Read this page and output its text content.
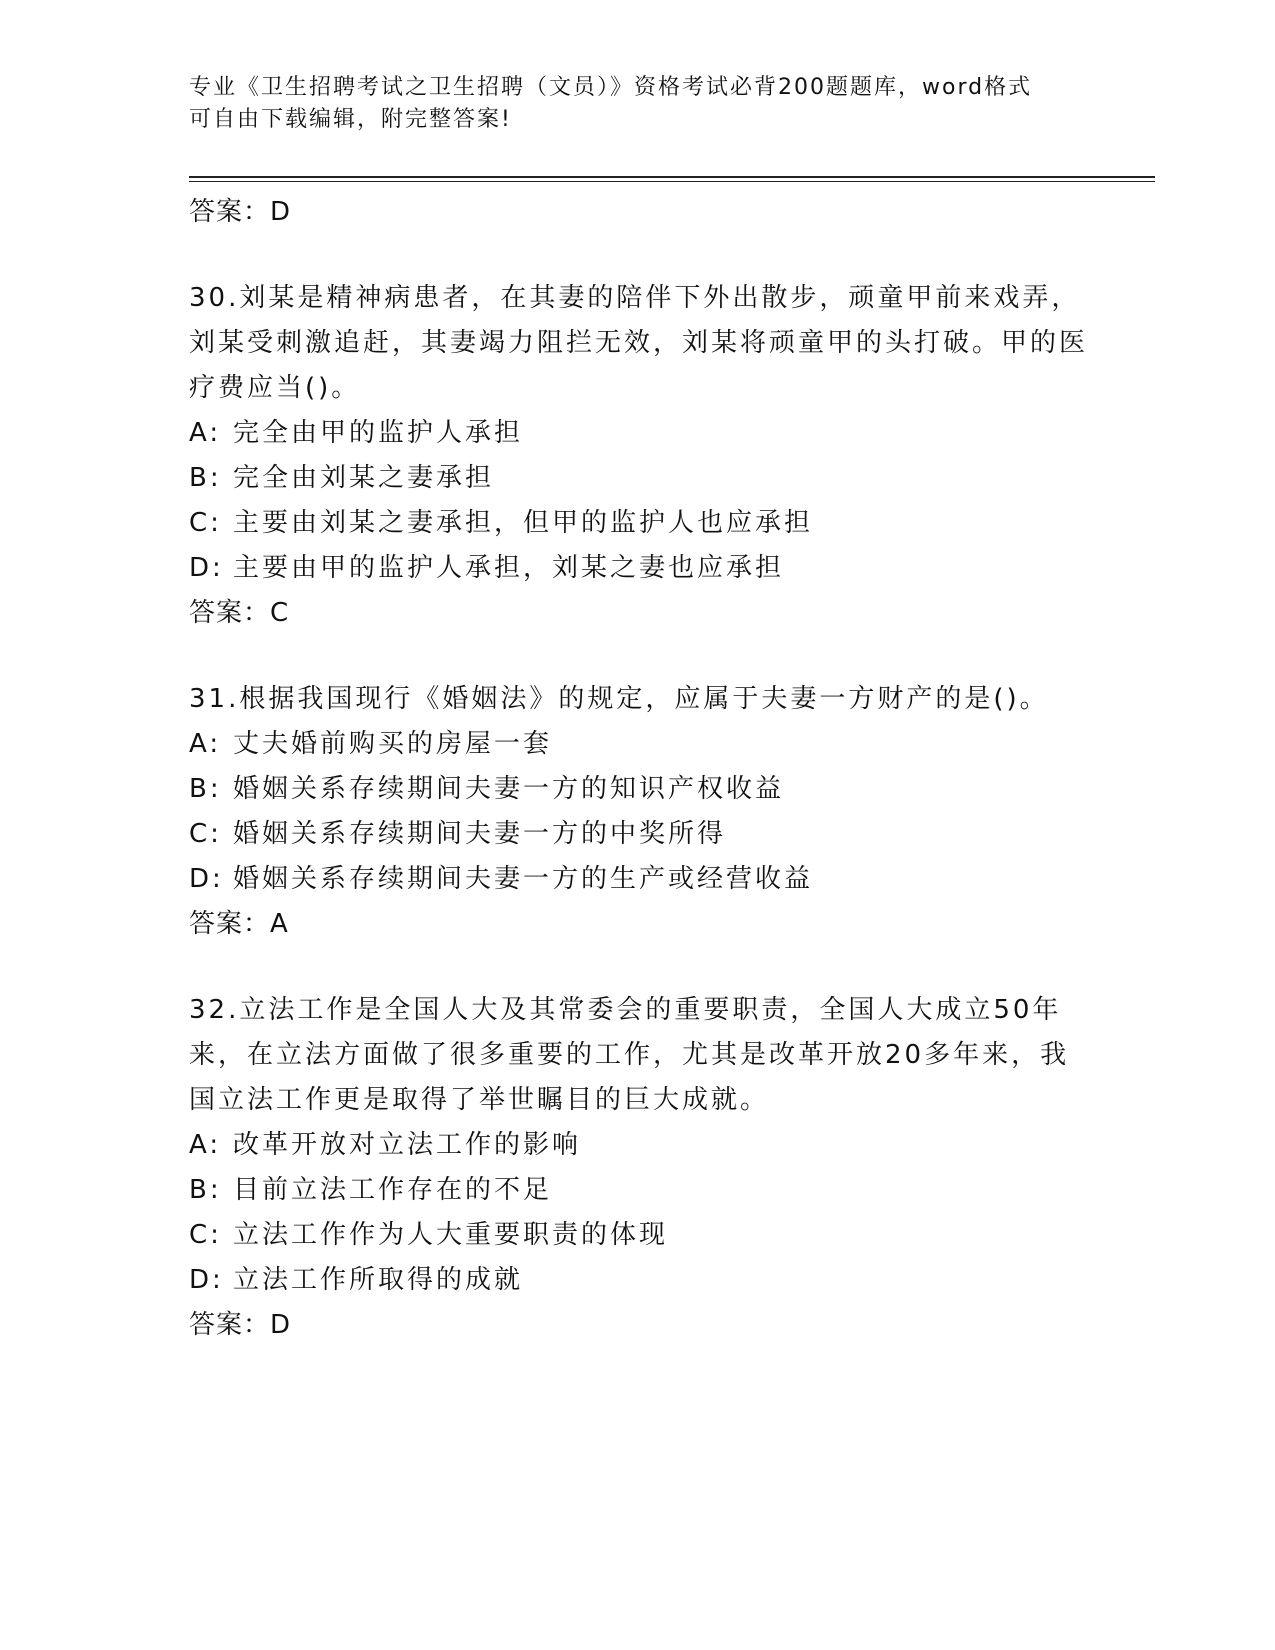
专业《卫生招聘考试之卫生招聘（文员）》资格考试必背200题题库，word格式
可自由下载编辑，附完整答案!

答案：D

30.刘某是精神病患者，在其妻的陪伴下外出散步，顽童甲前来戏弄，刘某受刺激追赶，其妻竭力阻拦无效，刘某将顽童甲的头打破。甲的医疗费应当()。

A: 完全由甲的监护人承担
B: 完全由刘某之妻承担
C: 主要由刘某之妻承担，但甲的监护人也应承担
D: 主要由甲的监护人承担，刘某之妻也应承担

答案：C

31.根据我国现行《婚姻法》的规定，应属于夫妻一方财产的是()。

A: 丈夫婚前购买的房屋一套
B: 婚姻关系存续期间夫妻一方的知识产权收益
C: 婚姻关系存续期间夫妻一方的中奖所得
D: 婚姻关系存续期间夫妻一方的生产或经营收益

答案：A

32.立法工作是全国人大及其常委会的重要职责，全国人大成立50年来，在立法方面做了很多重要的工作，尤其是改革开放20多年来，我国立法工作更是取得了举世瞩目的巨大成就。

A: 改革开放对立法工作的影响
B: 目前立法工作存在的不足
C: 立法工作作为人大重要职责的体现
D: 立法工作所取得的成就

答案：D
